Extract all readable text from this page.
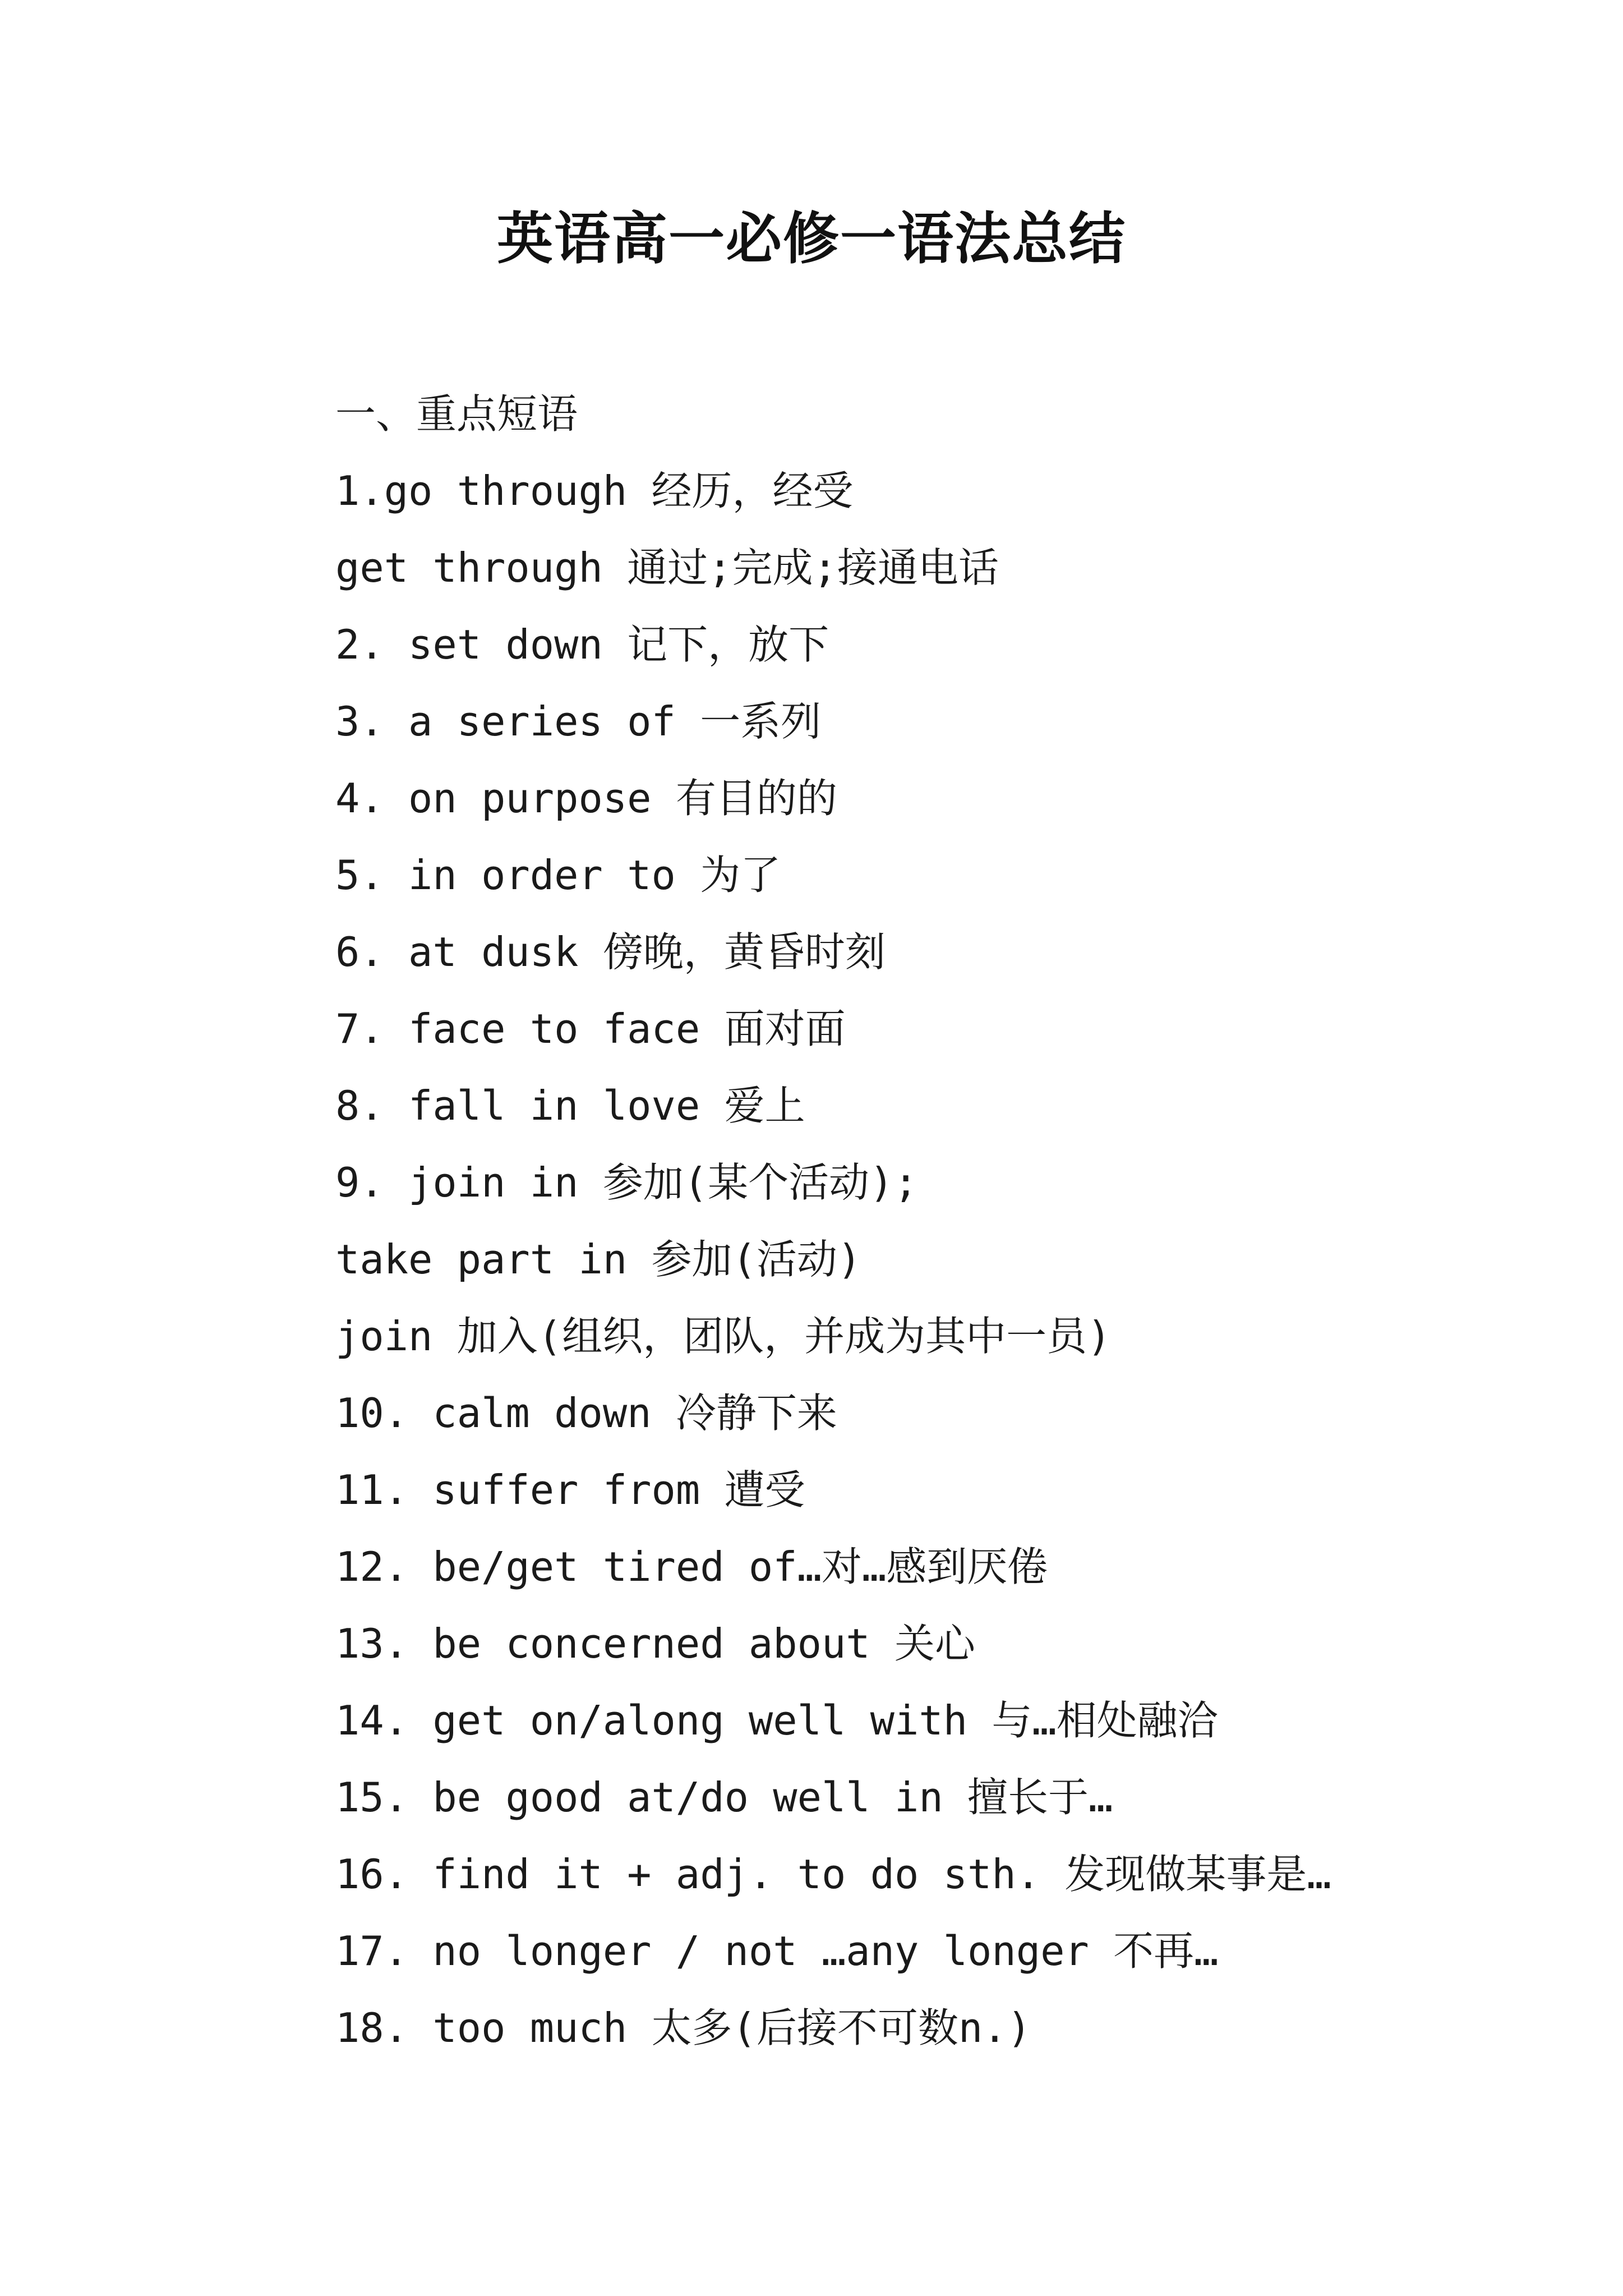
英语高一必修一语法总结
一、重点短语
1.go through 经历，经受
get through 通过;完成;接通电话
2. set down 记下，放下
3. a series of 一系列
4. on purpose 有目的的
5. in order to 为了
6. at dusk 傍晚，黄昏时刻
7. face to face 面对面
8. fall in love 爱上
9. join in 参加(某个活动);
take part in 参加(活动)
join 加入(组织，团队，并成为其中一员)
10. calm down 冷静下来
11. suffer from 遭受
12. be/get tired of…对…感到厌倦
13. be concerned about 关心
14. get on/along well with 与…相处融洽
15. be good at/do well in 擅长于…
16. find it + adj. to do sth. 发现做某事是…
17. no longer / not …any longer 不再…
18. too much 太多(后接不可数n.)
